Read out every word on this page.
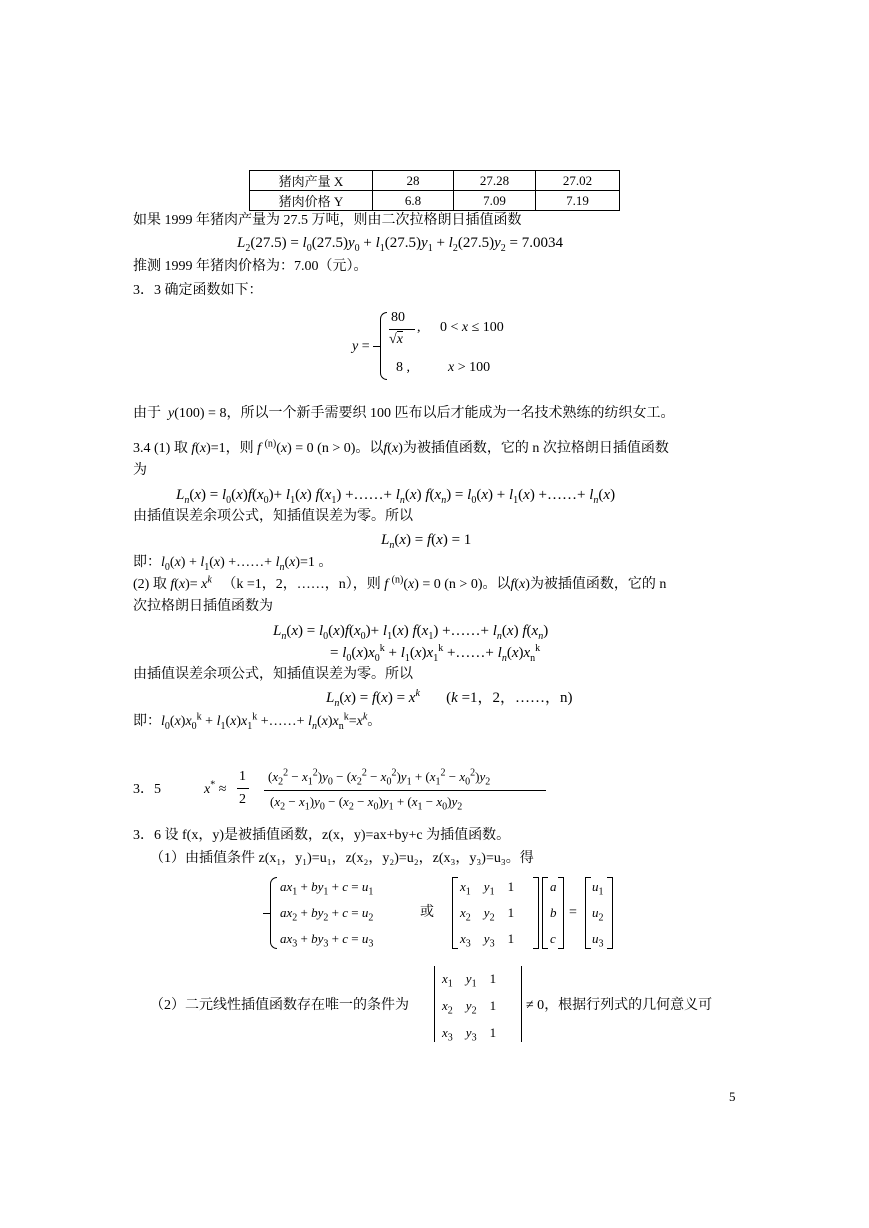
猪肉产量 X	28	27.28	27.02
猪肉价格 Y	6.8	7.09	7.19
如果 1999 年猪肉产量为 27.5 万吨，则由二次拉格朗日插值函数
$L_2(27.5) = l_0(27.5)y_0 + l_1(27.5)y_1 + l_2(27.5)y_2 = 7.0034$
推测 1999 年猪肉价格为：7.00（元）。
3．3 确定函数如下：
y =
80
√x
, 0 < x ≤ 100
8 ,	x > 100
由于 y(100) = 8，所以一个新手需要织 100 匹布以后才能成为一名技术熟练的纺织女工。
3.4 (1) 取 f(x)=1，则 f $^{(n)}$(x) = 0 (n > 0)。以f(x)为被插值函数，它的 n 次拉格朗日插值函数
为
$L_n(x) = l_0(x)f(x_0)+ l_1(x)$ $f(x_1)$ +……+ $l_n(x) f(x_n) = l_0(x) + l_1(x)$ +……+ $l_n(x)$
由插值误差余项公式，知插值误差为零。所以
$L_n(x) = f(x) = 1$
即：$l_0(x) + l_1(x)$ +……+ $l_n(x)=1$ 。
(2) 取 $f(x)= x^k$ （k =1，2，……，n），则 f $^{(n)}$(x) = 0 (n > 0)。以f(x)为被插值函数，它的 n
次拉格朗日插值函数为
$L_n(x) = l_0(x)f(x_0)+ l_1(x)$ $f(x_1)$ +……+ $l_n(x)$ $f(x_n)$
= $l_0(x)x_0^k + l_1(x)x_1^k$ +……+ $l_n(x)x_n^k$
由插值误差余项公式，知插值误差为零。所以
$L_n(x) = f(x) = x^k$       (k =1，2，……，n)
即：$l_0(x)x_0^k + l_1(x)x_1^k$ +……+ $l_n(x)x_n^k=x^k$。
3．5	x* ≈
1
2
$(x_2^2 - x_1^2)y_0 - (x_2^2 - x_0^2)y_1 + (x_1^2 - x_0^2)y_2$
$(x_2 - x_1)y_0 - (x_2 - x_0)y_1 + (x_1 - x_0)y_2$
3．6 设 f(x，y)是被插值函数，z(x，y)=ax+by+c 为插值函数。
（1）由插值条件 z(x₁，y₁)=u₁，z(x₂，y₂)=u₂，z(x₃，y₃)=u₃。得
$ax_1 + by_1 + c = u_1$
$ax_2 + by_2 + c = u_2$
$ax_3 + by_3 + c = u_3$
或
$x_1$ $y_1$    1
$x_2$ $y_2$    1
$x_3$ $y_3$    1
a
b
c
=
$u_1$
$u_2$
$u_3$
（2）二元线性插值函数存在唯一的条件为
$x_1$ $y_1$    1
$x_2$ $y_2$    1
$x_3$ $y_3$    1
≠ 0，根据行列式的几何意义可
5
